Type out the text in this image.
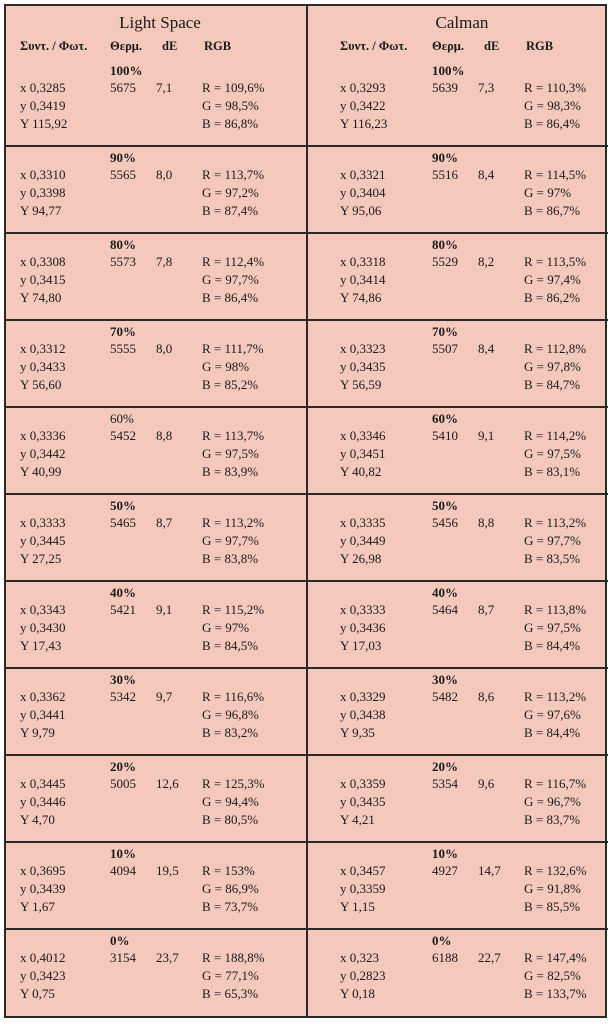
Light Space
Συντ. / Φωτ. Θερμ. dE RGB
100%
x 0,3285
y 0,3419
Y 115,92
5675 7,1 R = 109,6%
G = 98,5%
B = 86,8%
90%
x 0,3310
y 0,3398
Y 94,77
5565 8,0 R = 113,7%
G = 97,2%
B = 87,4%
80%
x 0,3308
y 0,3415
Y 74,80
5573 7,8 R = 112,4%
G = 97,7%
B = 86,4%
70%
x 0,3312
y 0,3433
Y 56,60
5555 8,0 R = 111,7%
G = 98%
B = 85,2%
60%
x 0,3336
y 0,3442
Y 40,99
5452 8,8 R = 113,7%
G = 97,5%
B = 83,9%
50%
x 0,3333
y 0,3445
Y 27,25
5465 8,7 R = 113,2%
G = 97,7%
B = 83,8%
40%
x 0,3343
y 0,3430
Y 17,43
5421 9,1 R = 115,2%
G = 97%
B = 84,5%
30%
x 0,3362
y 0,3441
Y 9,79
5342 9,7 R = 116,6%
G = 96,8%
B = 83,2%
20%
x 0,3445
y 0,3446
Y 4,70
5005 12,6 R = 125,3%
G = 94,4%
B = 80,5%
10%
x 0,3695
y 0,3439
Y 1,67
4094 19,5 R = 153%
G = 86,9%
B = 73,7%
0%
x 0,4012
y 0,3423
Y 0,75
3154 23,7 R = 188,8%
G = 77,1%
B = 65,3%
Calman
Συντ. / Φωτ. Θερμ. dE RGB
100%
x 0,3293
y 0,3422
Y 116,23
5639 7,3 R = 110,3%
G = 98,3%
B = 86,4%
90%
x 0,3321
y 0,3404
Y 95,06
5516 8,4 R = 114,5%
G = 97%
B = 86,7%
80%
x 0,3318
y 0,3414
Y 74,86
5529 8,2 R = 113,5%
G = 97,4%
B = 86,2%
70%
x 0,3323
y 0,3435
Y 56,59
5507 8,4 R = 112,8%
G = 97,8%
B = 84,7%
60%
x 0,3346
y 0,3451
Y 40,82
5410 9,1 R = 114,2%
G = 97,5%
B = 83,1%
50%
x 0,3335
y 0,3449
Y 26,98
5456 8,8 R = 113,2%
G = 97,7%
B = 83,5%
40%
x 0,3333
y 0,3436
Y 17,03
5464 8,7 R = 113,8%
G = 97,5%
B = 84,4%
30%
x 0,3329
y 0,3438
Y 9,35
5482 8,6 R = 113,2%
G = 97,6%
B = 84,4%
20%
x 0,3359
y 0,3435
Y 4,21
5354 9,6 R = 116,7%
G = 96,7%
B = 83,7%
10%
x 0,3457
y 0,3359
Y 1,15
4927 14,7 R = 132,6%
G = 91,8%
B = 85,5%
0%
x 0,323
y 0,2823
Y 0,18
6188 22,7 R = 147,4%
G = 82,5%
B = 133,7%
